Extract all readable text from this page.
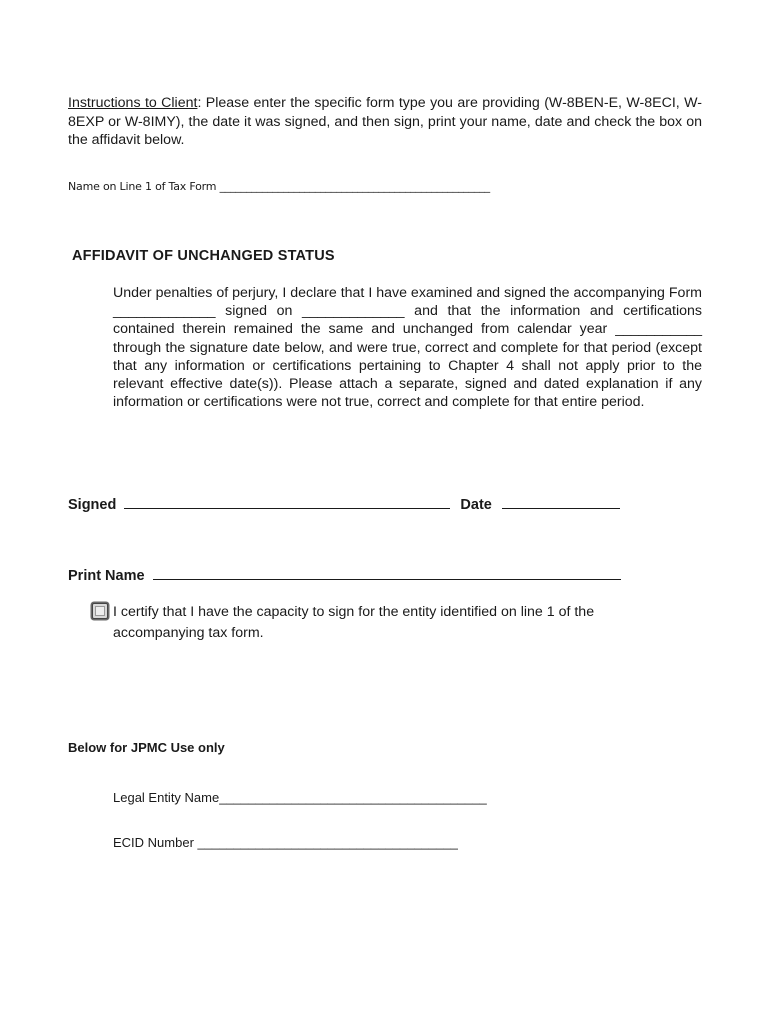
Instructions to Client: Please enter the specific form type you are providing (W-8BEN-E, W-8ECI, W-8EXP or W-8IMY), the date it was signed, and then sign, print your name, date and check the box on the affidavit below.
Name on Line 1 of Tax Form ___________________________________________________
AFFIDAVIT OF UNCHANGED STATUS
Under penalties of perjury, I declare that I have examined and signed the accompanying Form _____________ signed on _____________ and that the information and certifications contained therein remained the same and unchanged from calendar year ___________ through the signature date below, and were true, correct and complete for that period (except that any information or certifications pertaining to Chapter 4 shall not apply prior to the relevant effective date(s)). Please attach a separate, signed and dated explanation if any information or certifications were not true, correct and complete for that entire period.
Signed	Date
Print Name
I certify that I have the capacity to sign for the entity identified on line 1 of the accompanying tax form.
Below for JPMC Use only
Legal Entity Name_____________________________________
ECID Number ____________________________________
